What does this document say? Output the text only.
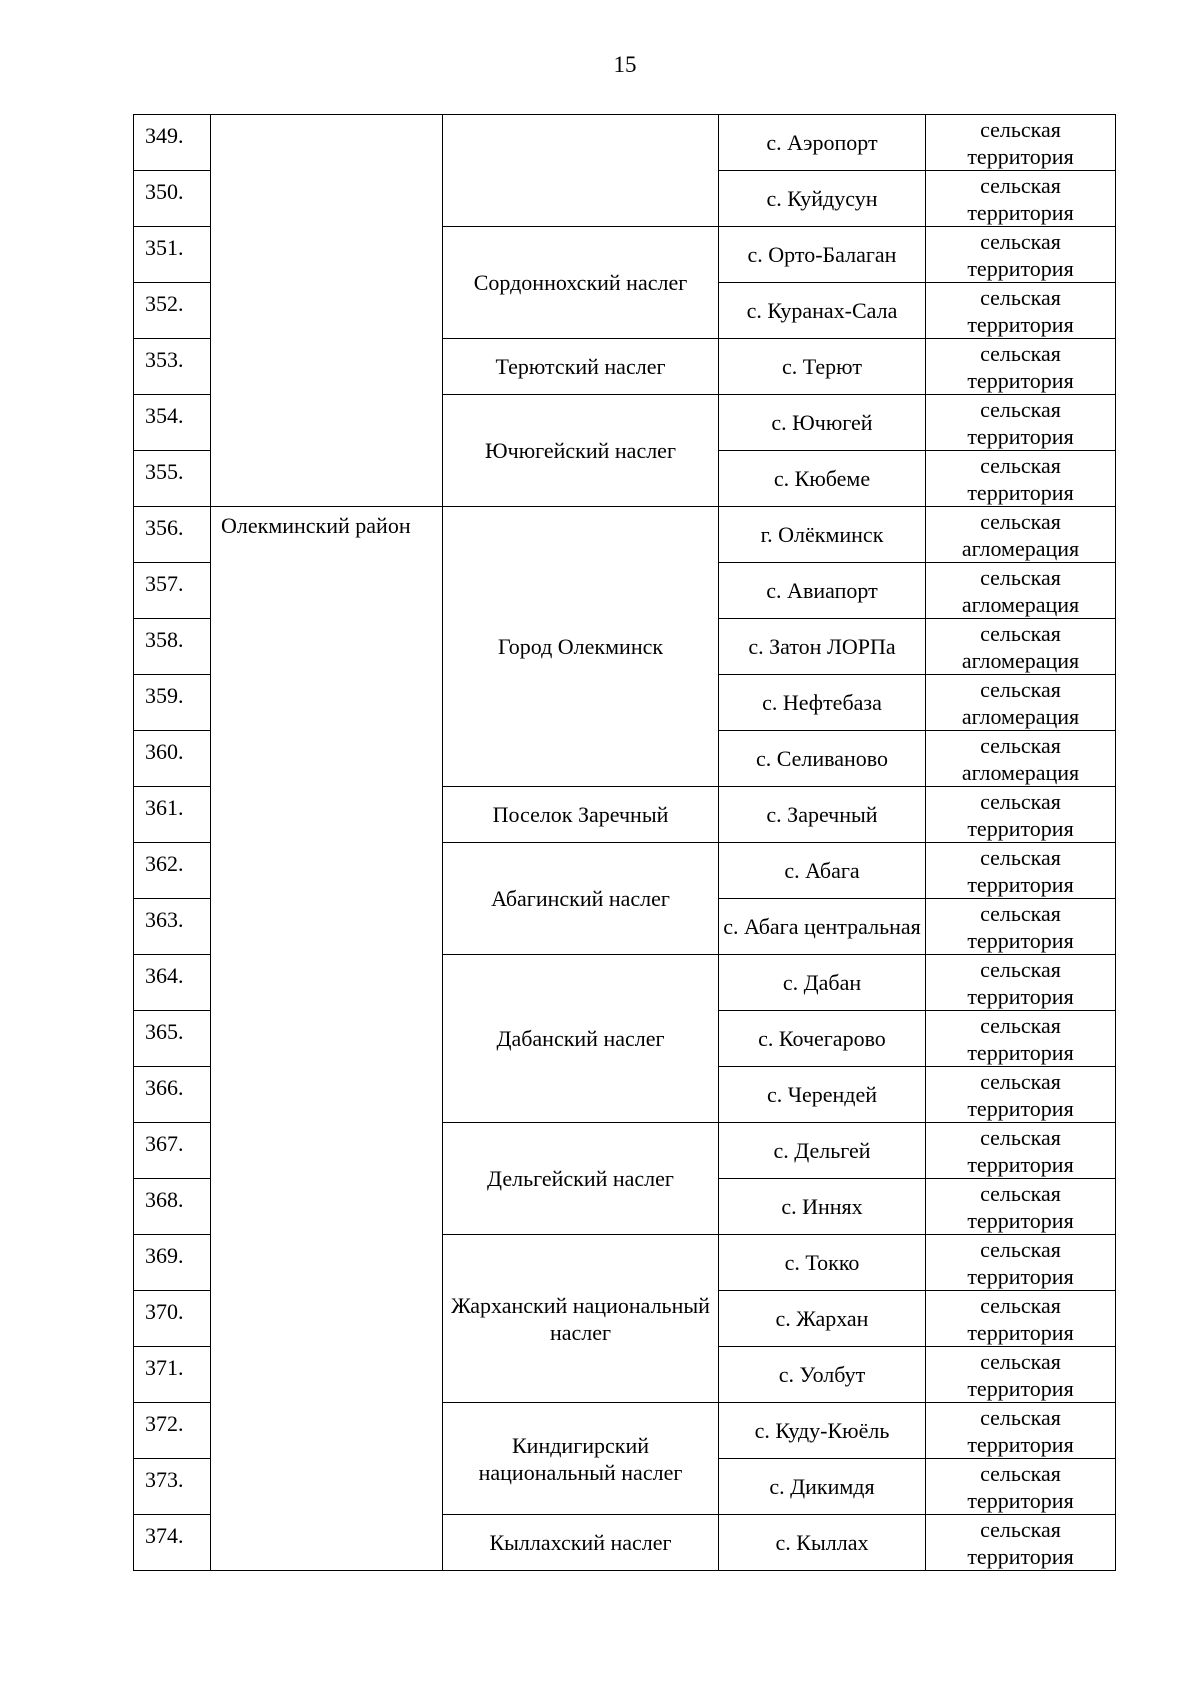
15
349.			с. Аэропорт	сельская территория
350.			с. Куйдусун	сельская территория
351.		Сордоннохский наслег	с. Орто-Балаган	сельская территория
352.			с. Куранах-Сала	сельская территория
353.		Терютский наслег	с. Терют	сельская территория
354.		Ючюгейский наслег	с. Ючюгей	сельская территория
355.			с. Кюбеме	сельская территория
356.	Олекминский район	Город Олекминск	г. Олёкминск	сельская агломерация
357.			с. Авиапорт	сельская агломерация
358.			с. Затон ЛОРПа	сельская агломерация
359.			с. Нефтебаза	сельская агломерация
360.			с. Селиваново	сельская агломерация
361.		Поселок Заречный	с. Заречный	сельская территория
362.		Абагинский наслег	с. Абага	сельская территория
363.			с. Абага центральная	сельская территория
364.		Дабанский наслег	с. Дабан	сельская территория
365.			с. Кочегарово	сельская территория
366.			с. Черендей	сельская территория
367.		Дельгейский наслег	с. Дельгей	сельская территория
368.			с. Иннях	сельская территория
369.		Жарханский национальный наслег	с. Токко	сельская территория
370.			с. Жархан	сельская территория
371.			с. Уолбут	сельская территория
372.		Киндигирский национальный наслег	с. Куду-Кюёль	сельская территория
373.			с. Дикимдя	сельская территория
374.		Кыллахский наслег	с. Кыллах	сельская территория
